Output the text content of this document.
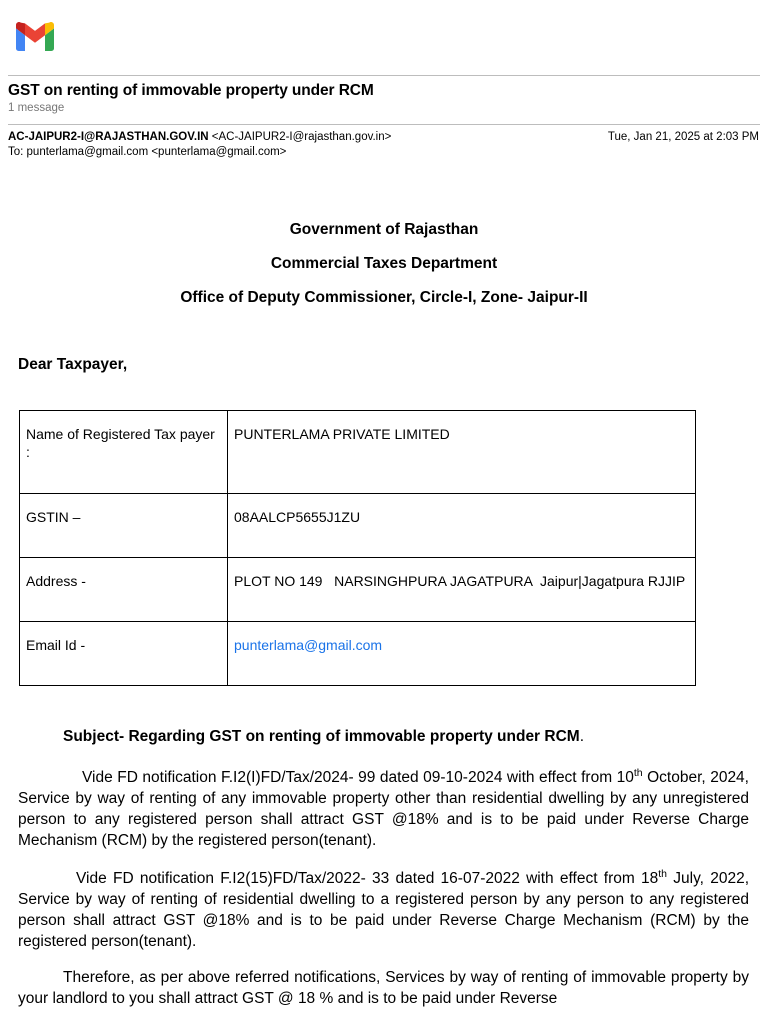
GST on renting of immovable property under RCM
1 message
AC-JAIPUR2-I@RAJASTHAN.GOV.IN <AC-JAIPUR2-I@rajasthan.gov.in>	Tue, Jan 21, 2025 at 2:03 PM
To: punterlama@gmail.com <punterlama@gmail.com>
Government of Rajasthan
Commercial Taxes Department
Office of Deputy Commissioner, Circle-I, Zone- Jaipur-II
Dear Taxpayer,
Name of Registered Tax payer :	PUNTERLAMA PRIVATE LIMITED
GSTIN –	08AALCP5655J1ZU
Address -	PLOT NO 149   NARSINGHPURA JAGATPURA  Jaipur|Jagatpura RJJIP
Email Id -	punterlama@gmail.com
Subject- Regarding GST on renting of immovable property under RCM.
Vide FD notification F.I2(I)FD/Tax/2024- 99 dated 09-10-2024 with effect from 10th October, 2024, Service by way of renting of any immovable property other than residential dwelling by any unregistered person to any registered person shall attract GST @18% and is to be paid under Reverse Charge Mechanism (RCM) by the registered person(tenant).
Vide FD notification F.I2(15)FD/Tax/2022- 33 dated 16-07-2022 with effect from 18th July, 2022, Service by way of renting of residential dwelling to a registered person by any person to any registered person shall attract GST @18% and is to be paid under Reverse Charge Mechanism (RCM) by the registered person(tenant).
Therefore, as per above referred notifications, Services by way of renting of immovable property by your landlord to you shall attract GST @ 18 % and is to be paid under Reverse
